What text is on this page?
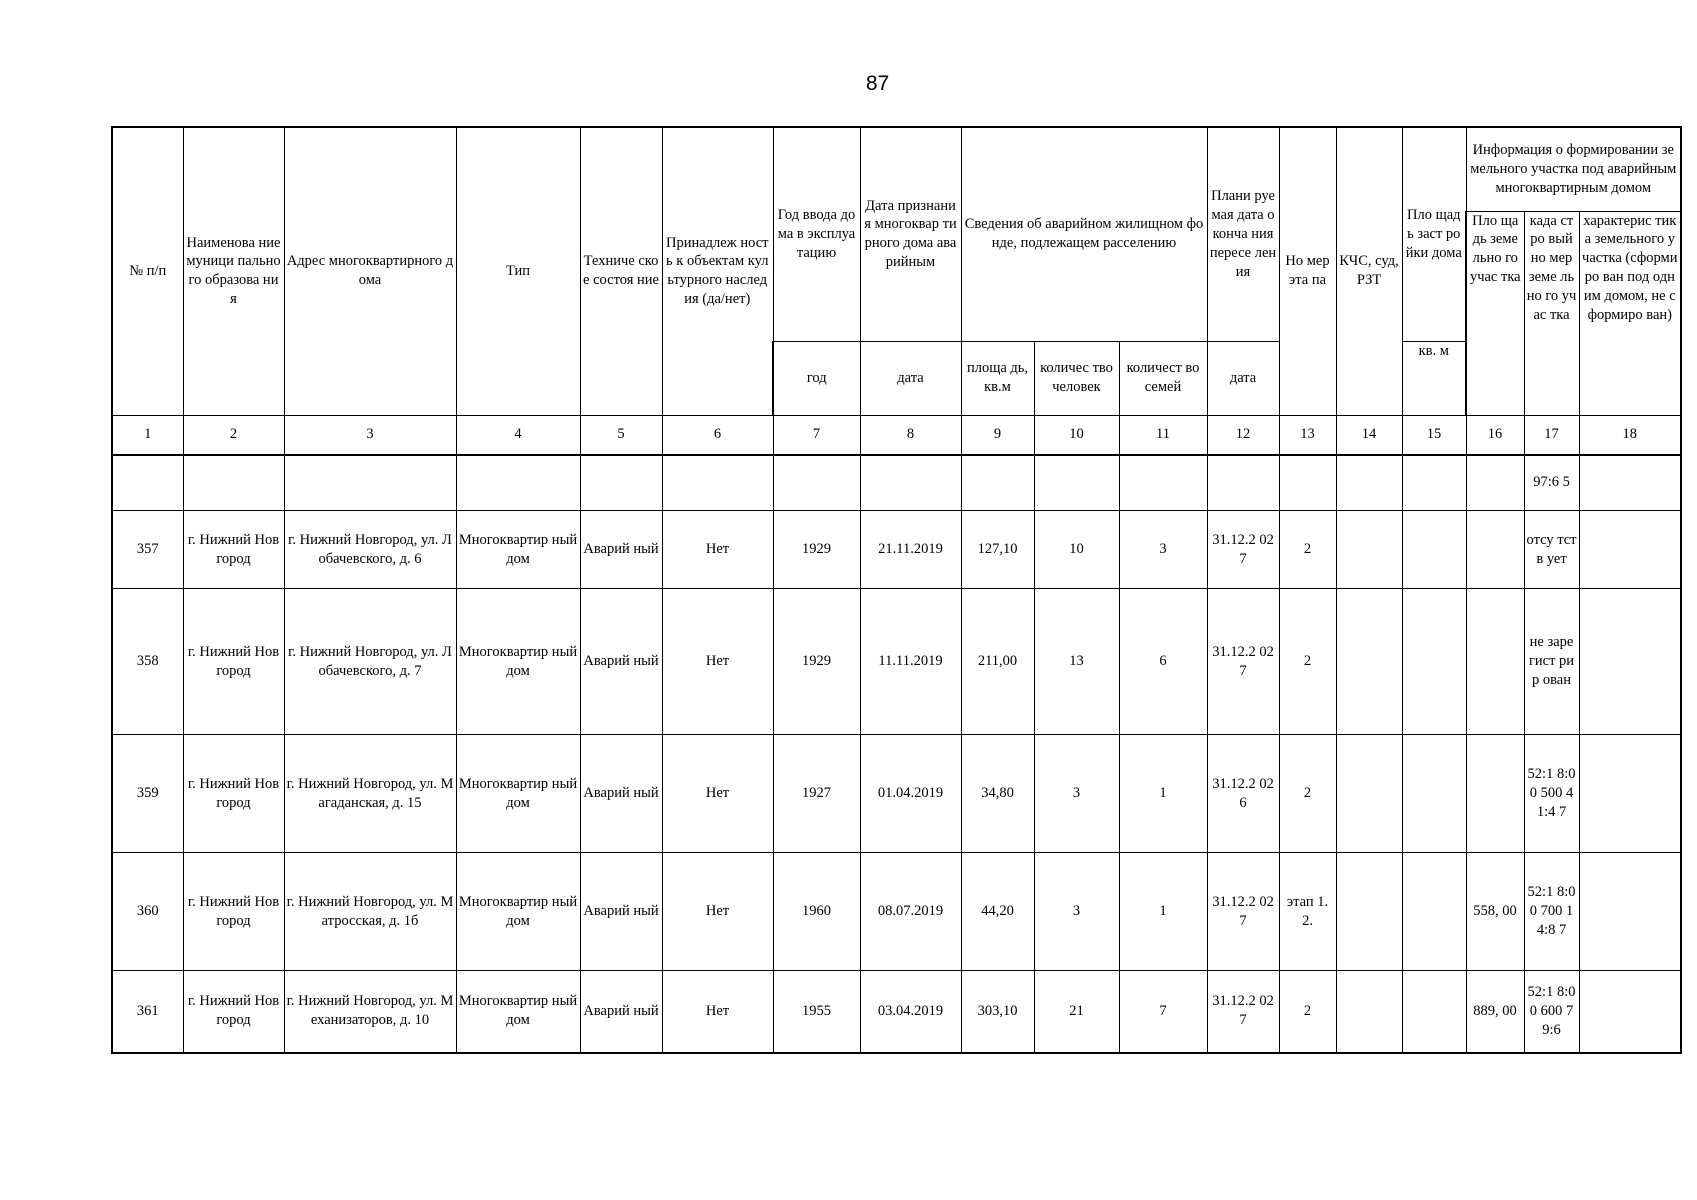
87
№ п/п	Наименова ние муници пального образова ния	Адрес многоквартирного дома	Тип	Техниче ское состоя ние	Принадлеж ность к объектам культурного наследия (да/нет)	Год ввода дома в эксплуа тацию	Дата признания многоквар тирного дома аварийным	Сведения об аварийном жилищном фонде, подлежащем расселению			Плани руемая дата оконча ния пересе ления	Но мер эта па	КЧС, суд, РЗТ	Пло щадь заст ройки дома	Информация о формировании земельного участка под аварийным многоквартирным домом		
															Пло щадь земе льно го учас тка	када стро вый но мер земе льно го учас тка	характерис тика земельного участка (сформиро ван под одним домом, не сформиро ван)
						год	дата	площа дь, кв.м	количес тво человек	количест во семей	дата			кв. м			
1	2	3	4	5	6	7	8	9	10	11	12	13	14	15	16	17	18
																97:6 5	
357	г. Нижний Новгород	г. Нижний Новгород, ул. Лобачевского, д. 6	Многоквартир ный дом	Аварий ный	Нет	1929	21.11.2019	127,10	10	3	31.12.2 027	2				отсу тств ует	
358	г. Нижний Новгород	г. Нижний Новгород, ул. Лобачевского, д. 7	Многоквартир ный дом	Аварий ный	Нет	1929	11.11.2019	211,00	13	6	31.12.2 027	2				не заре гист рир ован	
359	г. Нижний Новгород	г. Нижний Новгород, ул. Магаданская, д. 15	Многоквартир ный дом	Аварий ный	Нет	1927	01.04.2019	34,80	3	1	31.12.2 026	2				52:1 8:00 500 41:4 7	
360	г. Нижний Новгород	г. Нижний Новгород, ул. Матросская, д. 1б	Многоквартир ный дом	Аварий ный	Нет	1960	08.07.2019	44,20	3	1	31.12.2 027	этап 1.2.			558, 00	52:1 8:00 700 14:8 7	
361	г. Нижний Новгород	г. Нижний Новгород, ул. Механизаторов, д. 10	Многоквартир ный дом	Аварий ный	Нет	1955	03.04.2019	303,10	21	7	31.12.2 027	2			889, 00	52:1 8:00 600 79:6	
